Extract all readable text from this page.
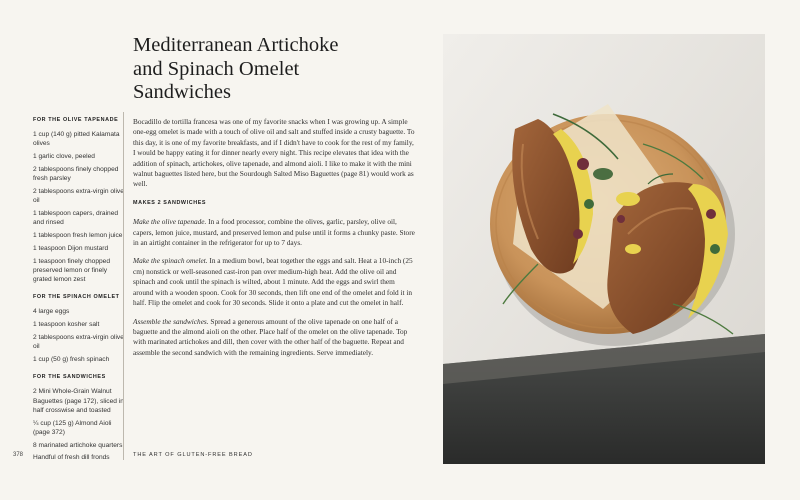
Mediterranean Artichoke
and Spinach Omelet
Sandwiches
FOR THE OLIVE TAPENADE
1 cup (140 g) pitted Kalamata olives
1 garlic clove, peeled
2 tablespoons finely chopped fresh parsley
2 tablespoons extra-virgin olive oil
1 tablespoon capers, drained and rinsed
1 tablespoon fresh lemon juice
1 teaspoon Dijon mustard
1 teaspoon finely chopped preserved lemon or finely grated lemon zest
FOR THE SPINACH OMELET
4 large eggs
1 teaspoon kosher salt
2 tablespoons extra-virgin olive oil
1 cup (50 g) fresh spinach
FOR THE SANDWICHES
2 Mini Whole-Grain Walnut Baguettes (page 172), sliced in half crosswise and toasted
¼ cup (125 g) Almond Aioli (page 372)
8 marinated artichoke quarters
Handful of fresh dill fronds

Bocadillo de tortilla francesa was one of my favorite snacks when I was growing up. A simple one-egg omelet is made with a touch of olive oil and salt and stuffed inside a crusty baguette. To this day, it is one of my favorite breakfasts, and if I didn't have to cook for the rest of my family, I would be happy eating it for dinner nearly every night. This recipe elevates that idea with the addition of spinach, artichokes, olive tapenade, and almond aioli. I like to make it with the mini walnut baguettes listed here, but the Sourdough Salted Miso Baguettes (page 81) would work as well.

MAKES 2 SANDWICHES

Make the olive tapenade. In a food processor, combine the olives, garlic, parsley, olive oil, capers, lemon juice, mustard, and preserved lemon and pulse until it forms a chunky paste. Store in an airtight container in the refrigerator for up to 7 days.

Make the spinach omelet. In a medium bowl, beat together the eggs and salt. Heat a 10-inch (25 cm) nonstick or well-seasoned cast-iron pan over medium-high heat. Add the olive oil and spinach and cook until the spinach is wilted, about 1 minute. Add the eggs and swirl them around with a wooden spoon. Cook for 30 seconds, then lift one end of the omelet and fold it in half. Flip the omelet and cook for 30 seconds. Slide it onto a plate and cut the omelet in half.

Assemble the sandwiches. Spread a generous amount of the olive tapenade on one half of a baguette and the almond aioli on the other. Place half of the omelet on the olive tapenade. Top with marinated artichokes and dill, then cover with the other half of the baguette. Repeat and assemble the second sandwich with the remaining ingredients. Serve immediately.

378	THE ART OF GLUTEN-FREE BREAD
